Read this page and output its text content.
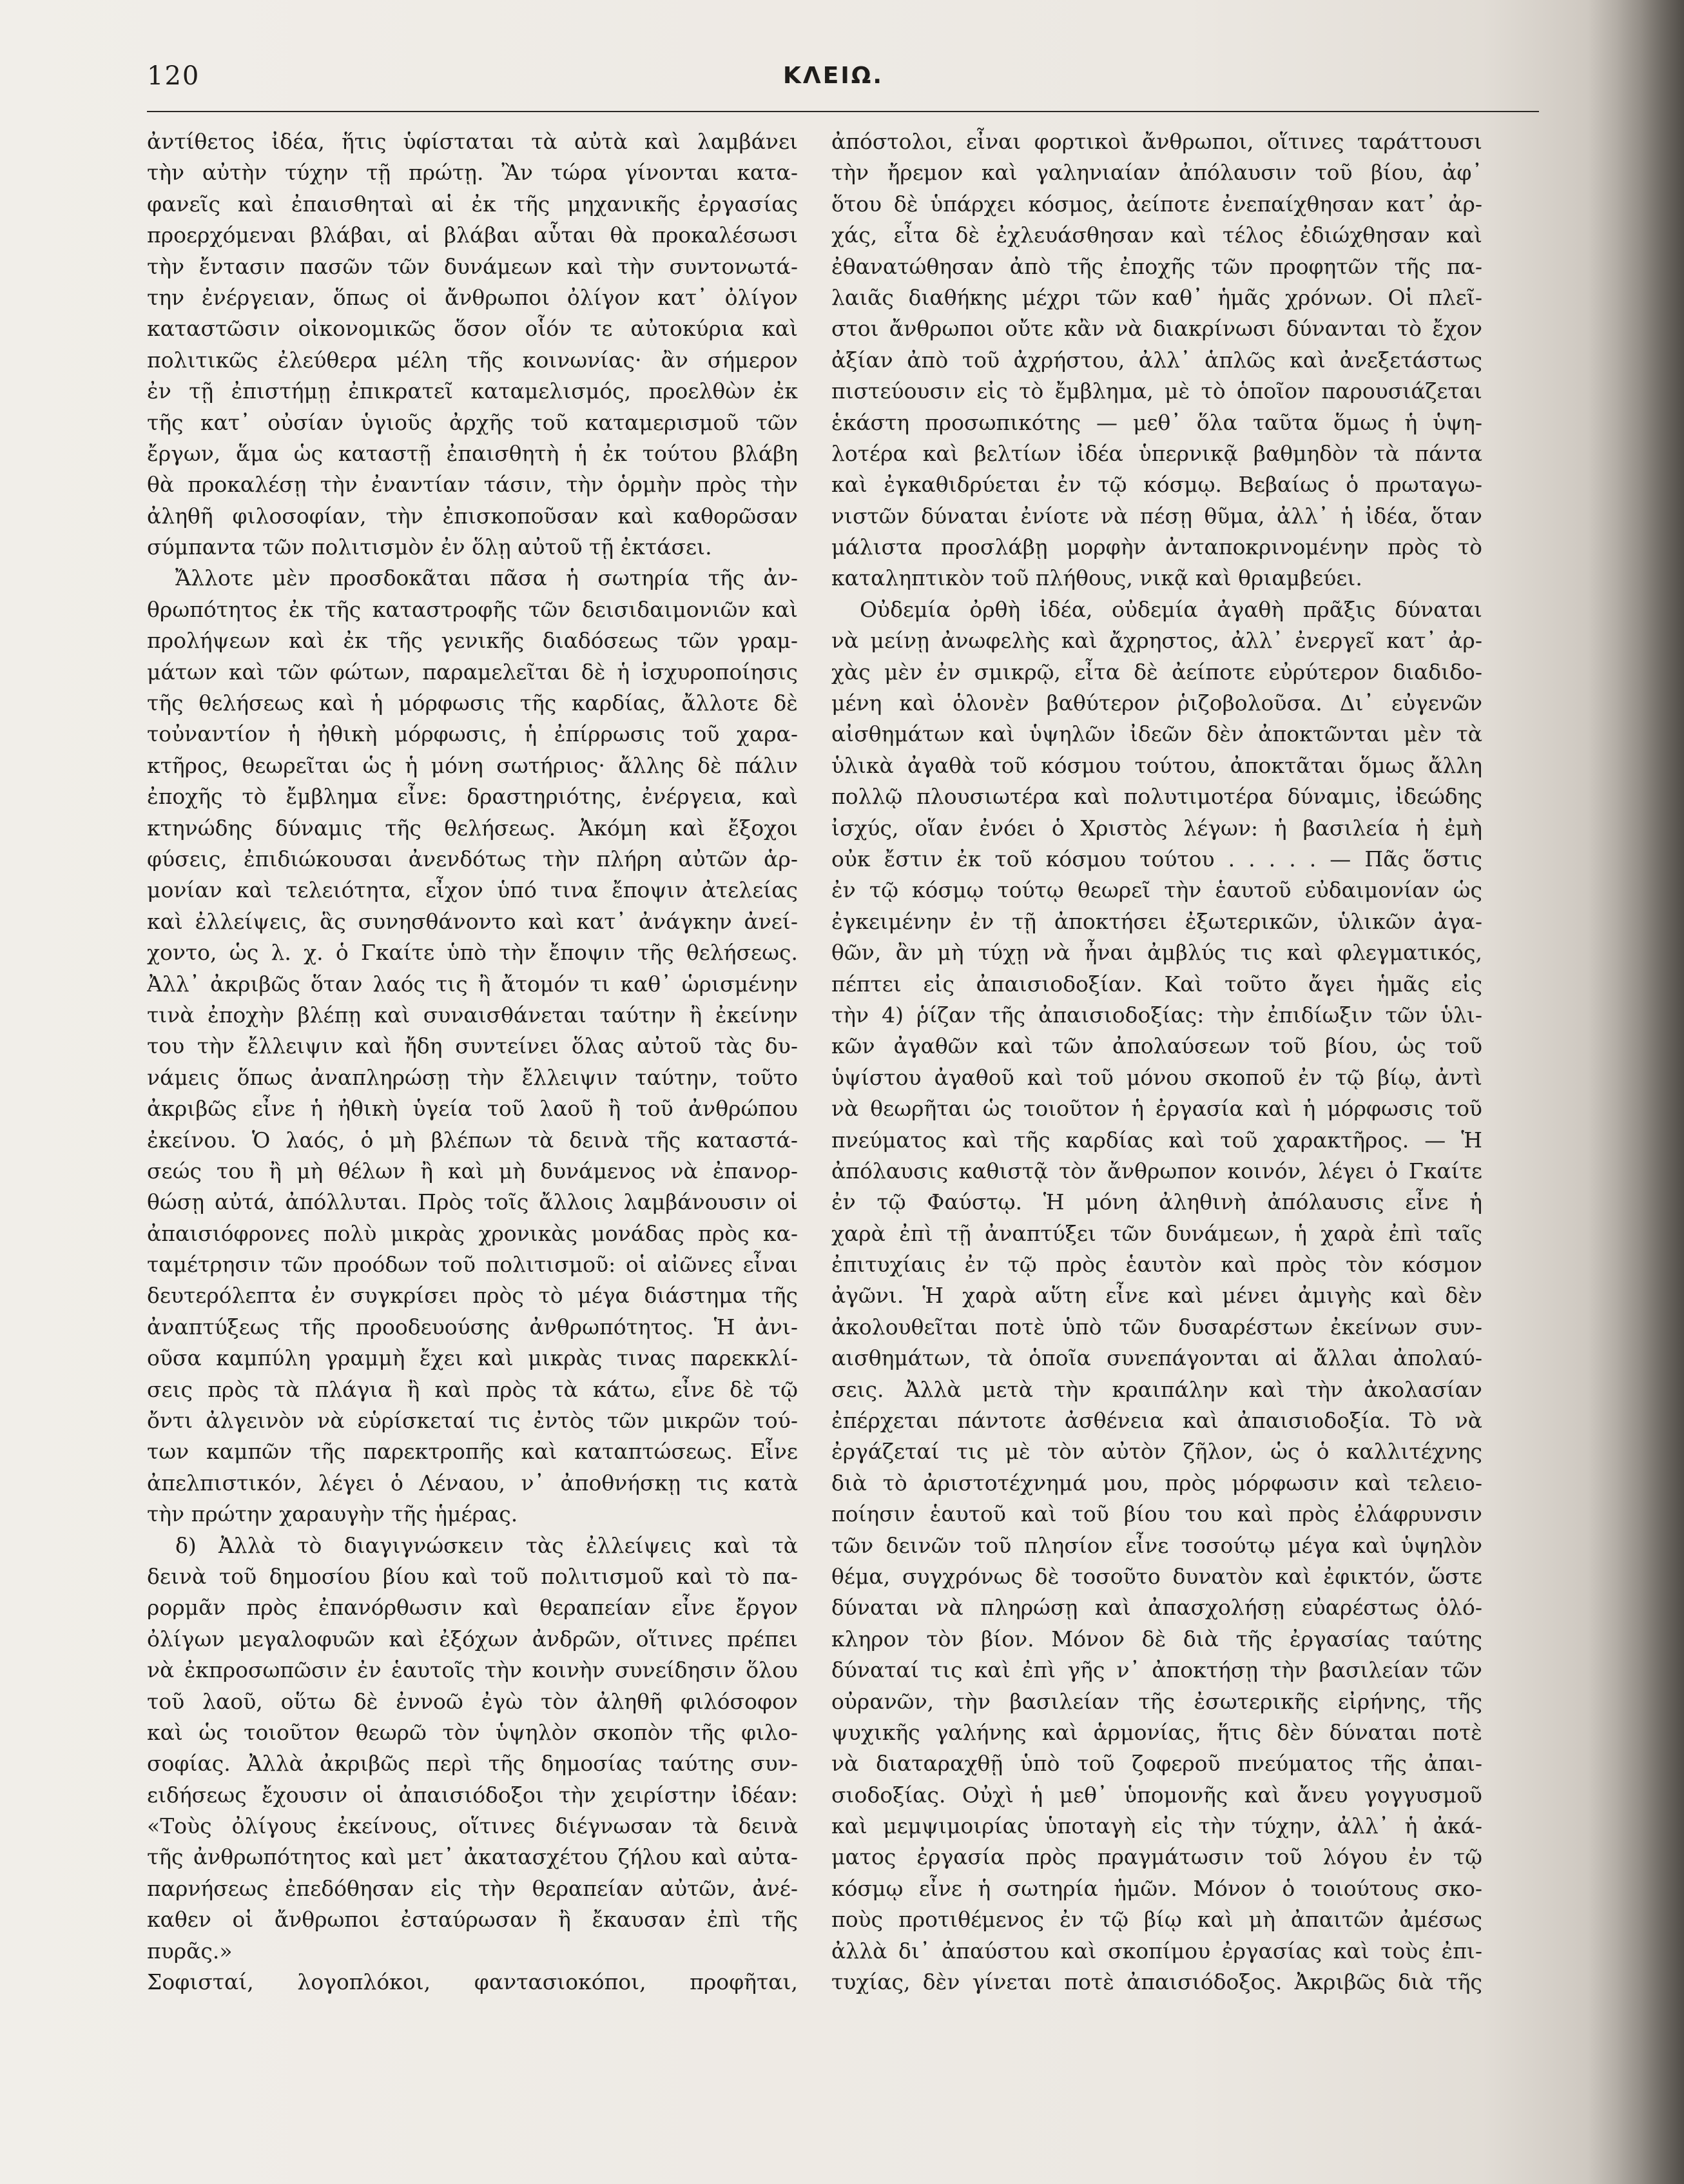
120	ΚΛΕΙΩ.
ἀντίθετος ἰδέα, ἥτις ὑφίσταται τὰ αὐτὰ καὶ λαμβάνει
τὴν αὐτὴν τύχην τῇ πρώτῃ. Ἂν τώρα γίνονται κατα-
φανεῖς καὶ ἐπαισθηταὶ αἱ ἐκ τῆς μηχανικῆς ἐργασίας
προερχόμεναι βλάβαι, αἱ βλάβαι αὗται θὰ προκαλέσωσι
τὴν ἔντασιν πασῶν τῶν δυνάμεων καὶ τὴν συντονωτά-
την ἐνέργειαν, ὅπως οἱ ἄνθρωποι ὀλίγον κατ᾽ ὀλίγον
καταστῶσιν οἰκονομικῶς ὅσον οἷόν τε αὐτοκύρια καὶ
πολιτικῶς ἐλεύθερα μέλη τῆς κοινωνίας· ἂν σήμερον
ἐν τῇ ἐπιστήμῃ ἐπικρατεῖ καταμελισμός, προελθὼν ἐκ
τῆς κατ᾽ οὐσίαν ὑγιοῦς ἀρχῆς τοῦ καταμερισμοῦ τῶν
ἔργων, ἅμα ὡς καταστῇ ἐπαισθητὴ ἡ ἐκ τούτου βλάβη
θὰ προκαλέσῃ τὴν ἐναντίαν τάσιν, τὴν ὁρμὴν πρὸς τὴν
ἀληθῆ φιλοσοφίαν, τὴν ἐπισκοποῦσαν καὶ καθορῶσαν
σύμπαντα τῶν πολιτισμὸν ἐν ὅλῃ αὐτοῦ τῇ ἐκτάσει.
Ἄλλοτε μὲν προσδοκᾶται πᾶσα ἡ σωτηρία τῆς ἀν-
θρωπότητος ἐκ τῆς καταστροφῆς τῶν δεισιδαιμονιῶν καὶ
προλήψεων καὶ ἐκ τῆς γενικῆς διαδόσεως τῶν γραμ-
μάτων καὶ τῶν φώτων, παραμελεῖται δὲ ἡ ἰσχυροποίησις
τῆς θελήσεως καὶ ἡ μόρφωσις τῆς καρδίας, ἄλλοτε δὲ
τοὐναντίον ἡ ἠθικὴ μόρφωσις, ἡ ἐπίρρωσις τοῦ χαρα-
κτῆρος, θεωρεῖται ὡς ἡ μόνη σωτήριος· ἄλλης δὲ πάλιν
ἐποχῆς τὸ ἔμβλημα εἶνε: δραστηριότης, ἐνέργεια, καὶ
κτηνώδης δύναμις τῆς θελήσεως. Ἀκόμη καὶ ἔξοχοι
φύσεις, ἐπιδιώκουσαι ἀνενδότως τὴν πλήρη αὐτῶν ἁρ-
μονίαν καὶ τελειότητα, εἶχον ὑπό τινα ἔποψιν ἀτελείας
καὶ ἐλλείψεις, ἃς συνησθάνοντο καὶ κατ᾽ ἀνάγκην ἀνεί-
χοντο, ὡς λ. χ. ὁ Γκαίτε ὑπὸ τὴν ἔποψιν τῆς θελήσεως.
Ἀλλ᾽ ἀκριβῶς ὅταν λαός τις ἢ ἄτομόν τι καθ᾽ ὡρισμένην
τινὰ ἐποχὴν βλέπῃ καὶ συναισθάνεται ταύτην ἢ ἐκείνην
του τὴν ἔλλειψιν καὶ ἤδη συντείνει ὅλας αὐτοῦ τὰς δυ-
νάμεις ὅπως ἀναπληρώσῃ τὴν ἔλλειψιν ταύτην, τοῦτο
ἀκριβῶς εἶνε ἡ ἠθικὴ ὑγεία τοῦ λαοῦ ἢ τοῦ ἀνθρώπου
ἐκείνου. Ὁ λαός, ὁ μὴ βλέπων τὰ δεινὰ τῆς καταστά-
σεώς του ἢ μὴ θέλων ἢ καὶ μὴ δυνάμενος νὰ ἐπανορ-
θώσῃ αὐτά, ἀπόλλυται. Πρὸς τοῖς ἄλλοις λαμβάνουσιν οἱ
ἀπαισιόφρονες πολὺ μικρὰς χρονικὰς μονάδας πρὸς κα-
ταμέτρησιν τῶν προόδων τοῦ πολιτισμοῦ: οἱ αἰῶνες εἶναι
δευτερόλεπτα ἐν συγκρίσει πρὸς τὸ μέγα διάστημα τῆς
ἀναπτύξεως τῆς προοδευούσης ἀνθρωπότητος. Ἡ ἀνι-
οῦσα καμπύλη γραμμὴ ἔχει καὶ μικρὰς τινας παρεκκλί-
σεις πρὸς τὰ πλάγια ἢ καὶ πρὸς τὰ κάτω, εἶνε δὲ τῷ
ὄντι ἀλγεινὸν νὰ εὑρίσκεταί τις ἐντὸς τῶν μικρῶν τού-
των καμπῶν τῆς παρεκτροπῆς καὶ καταπτώσεως. Εἶνε
ἀπελπιστικόν, λέγει ὁ Λέναου, ν᾽ ἀποθνήσκῃ τις κατὰ
τὴν πρώτην χαραυγὴν τῆς ἡμέρας.
δ) Ἀλλὰ τὸ διαγιγνώσκειν τὰς ἐλλείψεις καὶ τὰ
δεινὰ τοῦ δημοσίου βίου καὶ τοῦ πολιτισμοῦ καὶ τὸ πα-
ρορμᾶν πρὸς ἐπανόρθωσιν καὶ θεραπείαν εἶνε ἔργον
ὀλίγων μεγαλοφυῶν καὶ ἐξόχων ἀνδρῶν, οἵτινες πρέπει
νὰ ἐκπροσωπῶσιν ἐν ἑαυτοῖς τὴν κοινὴν συνείδησιν ὅλου
τοῦ λαοῦ, οὕτω δὲ ἐννοῶ ἐγὼ τὸν ἀληθῆ φιλόσοφον
καὶ ὡς τοιοῦτον θεωρῶ τὸν ὑψηλὸν σκοπὸν τῆς φιλο-
σοφίας. Ἀλλὰ ἀκριβῶς περὶ τῆς δημοσίας ταύτης συν-
ειδήσεως ἔχουσιν οἱ ἀπαισιόδοξοι τὴν χειρίστην ἰδέαν:
«Τοὺς ὀλίγους ἐκείνους, οἵτινες διέγνωσαν τὰ δεινὰ
τῆς ἀνθρωπότητος καὶ μετ᾽ ἀκατασχέτου ζήλου καὶ αὐτα-
παρνήσεως ἐπεδόθησαν εἰς τὴν θεραπείαν αὐτῶν, ἀνέ-
καθεν οἱ ἄνθρωποι ἐσταύρωσαν ἢ ἔκαυσαν ἐπὶ τῆς
πυρᾶς.»
Σοφισταί, λογοπλόκοι, φαντασιοκόποι, προφῆται,
ἀπόστολοι, εἶναι φορτικοὶ ἄνθρωποι, οἵτινες ταράττουσι
τὴν ἤρεμον καὶ γαληνιαίαν ἀπόλαυσιν τοῦ βίου, ἀφ᾽
ὅτου δὲ ὑπάρχει κόσμος, ἀείποτε ἐνεπαίχθησαν κατ᾽ ἀρ-
χάς, εἶτα δὲ ἐχλευάσθησαν καὶ τέλος ἐδιώχθησαν καὶ
ἐθανατώθησαν ἀπὸ τῆς ἐποχῆς τῶν προφητῶν τῆς πα-
λαιᾶς διαθήκης μέχρι τῶν καθ᾽ ἡμᾶς χρόνων. Οἱ πλεῖ-
στοι ἄνθρωποι οὔτε κἂν νὰ διακρίνωσι δύνανται τὸ ἔχον
ἀξίαν ἀπὸ τοῦ ἀχρήστου, ἀλλ᾽ ἁπλῶς καὶ ἀνεξετάστως
πιστεύουσιν εἰς τὸ ἔμβλημα, μὲ τὸ ὁποῖον παρουσιάζεται
ἑκάστη προσωπικότης — μεθ᾽ ὅλα ταῦτα ὅμως ἡ ὑψη-
λοτέρα καὶ βελτίων ἰδέα ὑπερνικᾷ βαθμηδὸν τὰ πάντα
καὶ ἐγκαθιδρύεται ἐν τῷ κόσμῳ. Βεβαίως ὁ πρωταγω-
νιστῶν δύναται ἐνίοτε νὰ πέσῃ θῦμα, ἀλλ᾽ ἡ ἰδέα, ὅταν
μάλιστα προσλάβῃ μορφὴν ἀνταποκρινομένην πρὸς τὸ
καταληπτικὸν τοῦ πλήθους, νικᾷ καὶ θριαμβεύει.
Οὐδεμία ὀρθὴ ἰδέα, οὐδεμία ἀγαθὴ πρᾶξις δύναται
νὰ μείνῃ ἀνωφελὴς καὶ ἄχρηστος, ἀλλ᾽ ἐνεργεῖ κατ᾽ ἀρ-
χὰς μὲν ἐν σμικρῷ, εἶτα δὲ ἀείποτε εὐρύτερον διαδιδο-
μένη καὶ ὁλονὲν βαθύτερον ῥιζοβολοῦσα. Δι᾽ εὐγενῶν
αἰσθημάτων καὶ ὑψηλῶν ἰδεῶν δὲν ἀποκτῶνται μὲν τὰ
ὑλικὰ ἀγαθὰ τοῦ κόσμου τούτου, ἀποκτᾶται ὅμως ἄλλη
πολλῷ πλουσιωτέρα καὶ πολυτιμοτέρα δύναμις, ἰδεώδης
ἰσχύς, οἵαν ἐνόει ὁ Χριστὸς λέγων: ἡ βασιλεία ἡ ἐμὴ
οὐκ ἔστιν ἐκ τοῦ κόσμου τούτου . . . . . — Πᾶς ὅστις
ἐν τῷ κόσμῳ τούτῳ θεωρεῖ τὴν ἑαυτοῦ εὐδαιμονίαν ὡς
ἐγκειμένην ἐν τῇ ἀποκτήσει ἐξωτερικῶν, ὑλικῶν ἀγα-
θῶν, ἂν μὴ τύχῃ νὰ ἦναι ἀμβλύς τις καὶ φλεγματικός,
πέπτει εἰς ἀπαισιοδοξίαν. Καὶ τοῦτο ἄγει ἡμᾶς εἰς
τὴν 4) ῥίζαν τῆς ἀπαισιοδοξίας: τὴν ἐπιδίωξιν τῶν ὑλι-
κῶν ἀγαθῶν καὶ τῶν ἀπολαύσεων τοῦ βίου, ὡς τοῦ
ὑψίστου ἀγαθοῦ καὶ τοῦ μόνου σκοποῦ ἐν τῷ βίῳ, ἀντὶ
νὰ θεωρῆται ὡς τοιοῦτον ἡ ἐργασία καὶ ἡ μόρφωσις τοῦ
πνεύματος καὶ τῆς καρδίας καὶ τοῦ χαρακτῆρος. — Ἡ
ἀπόλαυσις καθιστᾷ τὸν ἄνθρωπον κοινόν, λέγει ὁ Γκαίτε
ἐν τῷ Φαύστῳ. Ἡ μόνη ἀληθινὴ ἀπόλαυσις εἶνε ἡ
χαρὰ ἐπὶ τῇ ἀναπτύξει τῶν δυνάμεων, ἡ χαρὰ ἐπὶ ταῖς
ἐπιτυχίαις ἐν τῷ πρὸς ἑαυτὸν καὶ πρὸς τὸν κόσμον
ἀγῶνι. Ἡ χαρὰ αὕτη εἶνε καὶ μένει ἀμιγὴς καὶ δὲν
ἀκολουθεῖται ποτὲ ὑπὸ τῶν δυσαρέστων ἐκείνων συν-
αισθημάτων, τὰ ὁποῖα συνεπάγονται αἱ ἄλλαι ἀπολαύ-
σεις. Ἀλλὰ μετὰ τὴν κραιπάλην καὶ τὴν ἀκολασίαν
ἐπέρχεται πάντοτε ἀσθένεια καὶ ἀπαισιοδοξία. Τὸ νὰ
ἐργάζεταί τις μὲ τὸν αὐτὸν ζῆλον, ὡς ὁ καλλιτέχνης
διὰ τὸ ἀριστοτέχνημά μου, πρὸς μόρφωσιν καὶ τελειο-
ποίησιν ἑαυτοῦ καὶ τοῦ βίου του καὶ πρὸς ἐλάφρυνσιν
τῶν δεινῶν τοῦ πλησίον εἶνε τοσούτῳ μέγα καὶ ὑψηλὸν
θέμα, συγχρόνως δὲ τοσοῦτο δυνατὸν καὶ ἐφικτόν, ὥστε
δύναται νὰ πληρώσῃ καὶ ἀπασχολήσῃ εὐαρέστως ὁλό-
κληρον τὸν βίον. Μόνον δὲ διὰ τῆς ἐργασίας ταύτης
δύναταί τις καὶ ἐπὶ γῆς ν᾽ ἀποκτήσῃ τὴν βασιλείαν τῶν
οὐρανῶν, τὴν βασιλείαν τῆς ἐσωτερικῆς εἰρήνης, τῆς
ψυχικῆς γαλήνης καὶ ἁρμονίας, ἥτις δὲν δύναται ποτὲ
νὰ διαταραχθῇ ὑπὸ τοῦ ζοφεροῦ πνεύματος τῆς ἀπαι-
σιοδοξίας. Οὐχὶ ἡ μεθ᾽ ὑπομονῆς καὶ ἄνευ γογγυσμοῦ
καὶ μεμψιμοιρίας ὑποταγὴ εἰς τὴν τύχην, ἀλλ᾽ ἡ ἀκά-
ματος ἐργασία πρὸς πραγμάτωσιν τοῦ λόγου ἐν τῷ
κόσμῳ εἶνε ἡ σωτηρία ἡμῶν. Μόνον ὁ τοιούτους σκο-
ποὺς προτιθέμενος ἐν τῷ βίῳ καὶ μὴ ἀπαιτῶν ἀμέσως
ἀλλὰ δι᾽ ἀπαύστου καὶ σκοπίμου ἐργασίας καὶ τοὺς ἐπι-
τυχίας, δὲν γίνεται ποτὲ ἀπαισιόδοξος. Ἀκριβῶς διὰ τῆς
